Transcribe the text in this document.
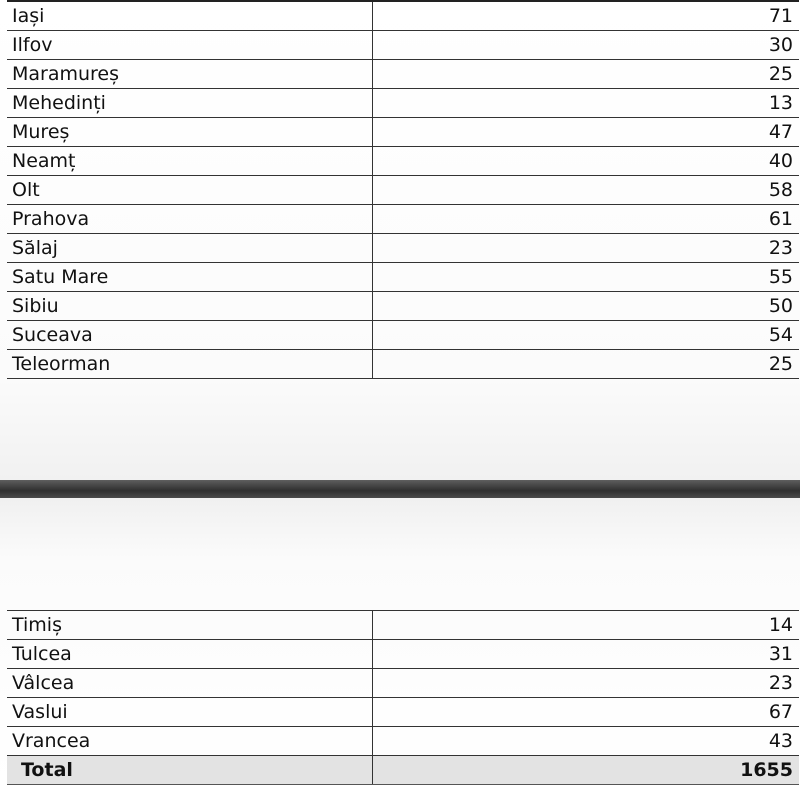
Iași	71
Ilfov	30
Maramureș	25
Mehedinți	13
Mureș	47
Neamț	40
Olt	58
Prahova	61
Sălaj	23
Satu Mare	55
Sibiu	50
Suceava	54
Teleorman	25
Timiș	14
Tulcea	31
Vâlcea	23
Vaslui	67
Vrancea	43
Total	1655
